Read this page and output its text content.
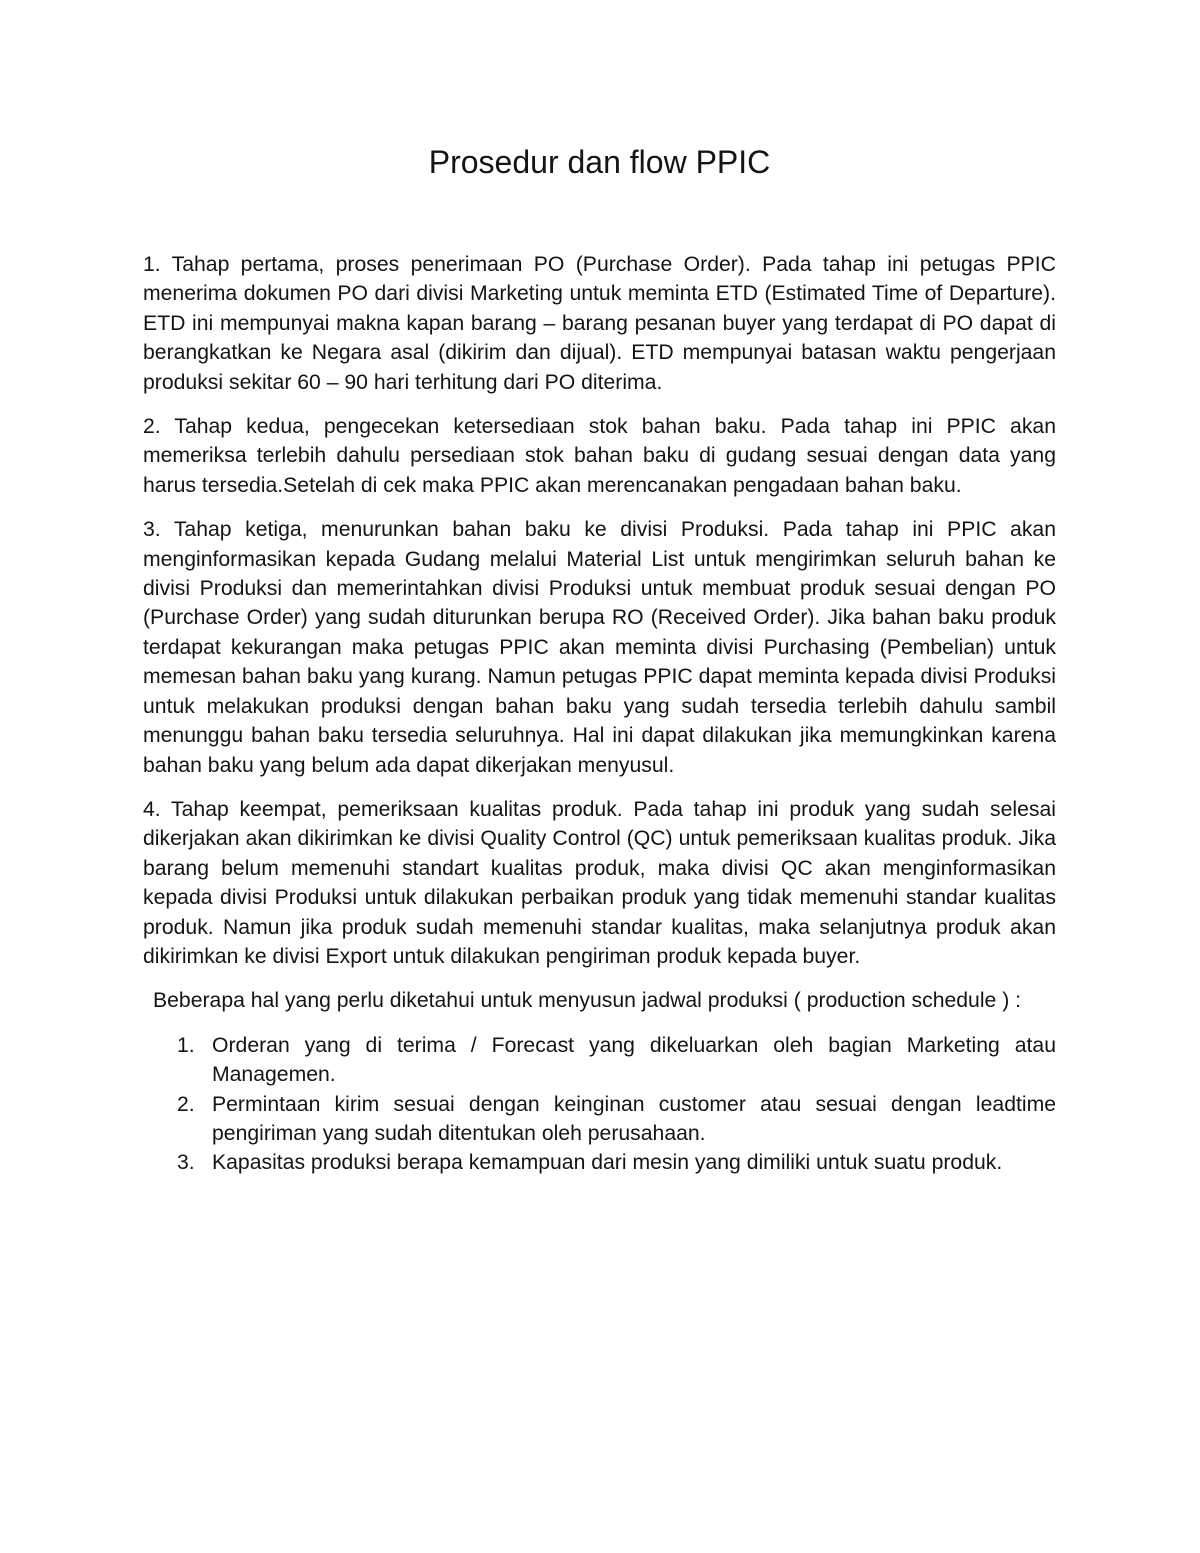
Prosedur dan flow PPIC

1. Tahap pertama, proses penerimaan PO (Purchase Order). Pada tahap ini petugas PPIC menerima dokumen PO dari divisi Marketing untuk meminta ETD (Estimated Time of Departure). ETD ini mempunyai makna kapan barang – barang pesanan buyer yang terdapat di PO dapat di berangkatkan ke Negara asal (dikirim dan dijual). ETD mempunyai batasan waktu pengerjaan produksi sekitar 60 – 90 hari terhitung dari PO diterima.

2. Tahap kedua, pengecekan ketersediaan stok bahan baku. Pada tahap ini PPIC akan memeriksa terlebih dahulu persediaan stok bahan baku di gudang sesuai dengan data yang harus tersedia.Setelah di cek maka PPIC akan merencanakan pengadaan bahan baku.

3. Tahap ketiga, menurunkan bahan baku ke divisi Produksi. Pada tahap ini PPIC akan menginformasikan kepada Gudang melalui Material List untuk mengirimkan seluruh bahan ke divisi Produksi dan memerintahkan divisi Produksi untuk membuat produk sesuai dengan PO (Purchase Order) yang sudah diturunkan berupa RO (Received Order). Jika bahan baku produk terdapat kekurangan maka petugas PPIC akan meminta divisi Purchasing (Pembelian) untuk memesan bahan baku yang kurang. Namun petugas PPIC dapat meminta kepada divisi Produksi untuk melakukan produksi dengan bahan baku yang sudah tersedia terlebih dahulu sambil menunggu bahan baku tersedia seluruhnya. Hal ini dapat dilakukan jika memungkinkan karena bahan baku yang belum ada dapat dikerjakan menyusul.

4. Tahap keempat, pemeriksaan kualitas produk. Pada tahap ini produk yang sudah selesai dikerjakan akan dikirimkan ke divisi Quality Control (QC) untuk pemeriksaan kualitas produk. Jika barang belum memenuhi standart kualitas produk, maka divisi QC akan menginformasikan kepada divisi Produksi untuk dilakukan perbaikan produk yang tidak memenuhi standar kualitas produk. Namun jika produk sudah memenuhi standar kualitas, maka selanjutnya produk akan dikirimkan ke divisi Export untuk dilakukan pengiriman produk kepada buyer.

Beberapa hal yang perlu diketahui untuk menyusun jadwal produksi ( production schedule ) :

1. Orderan yang di terima / Forecast yang dikeluarkan oleh bagian Marketing atau Managemen.
2. Permintaan kirim sesuai dengan keinginan customer atau sesuai dengan leadtime pengiriman yang sudah ditentukan oleh perusahaan.
3. Kapasitas produksi berapa kemampuan dari mesin yang dimiliki untuk suatu produk.
